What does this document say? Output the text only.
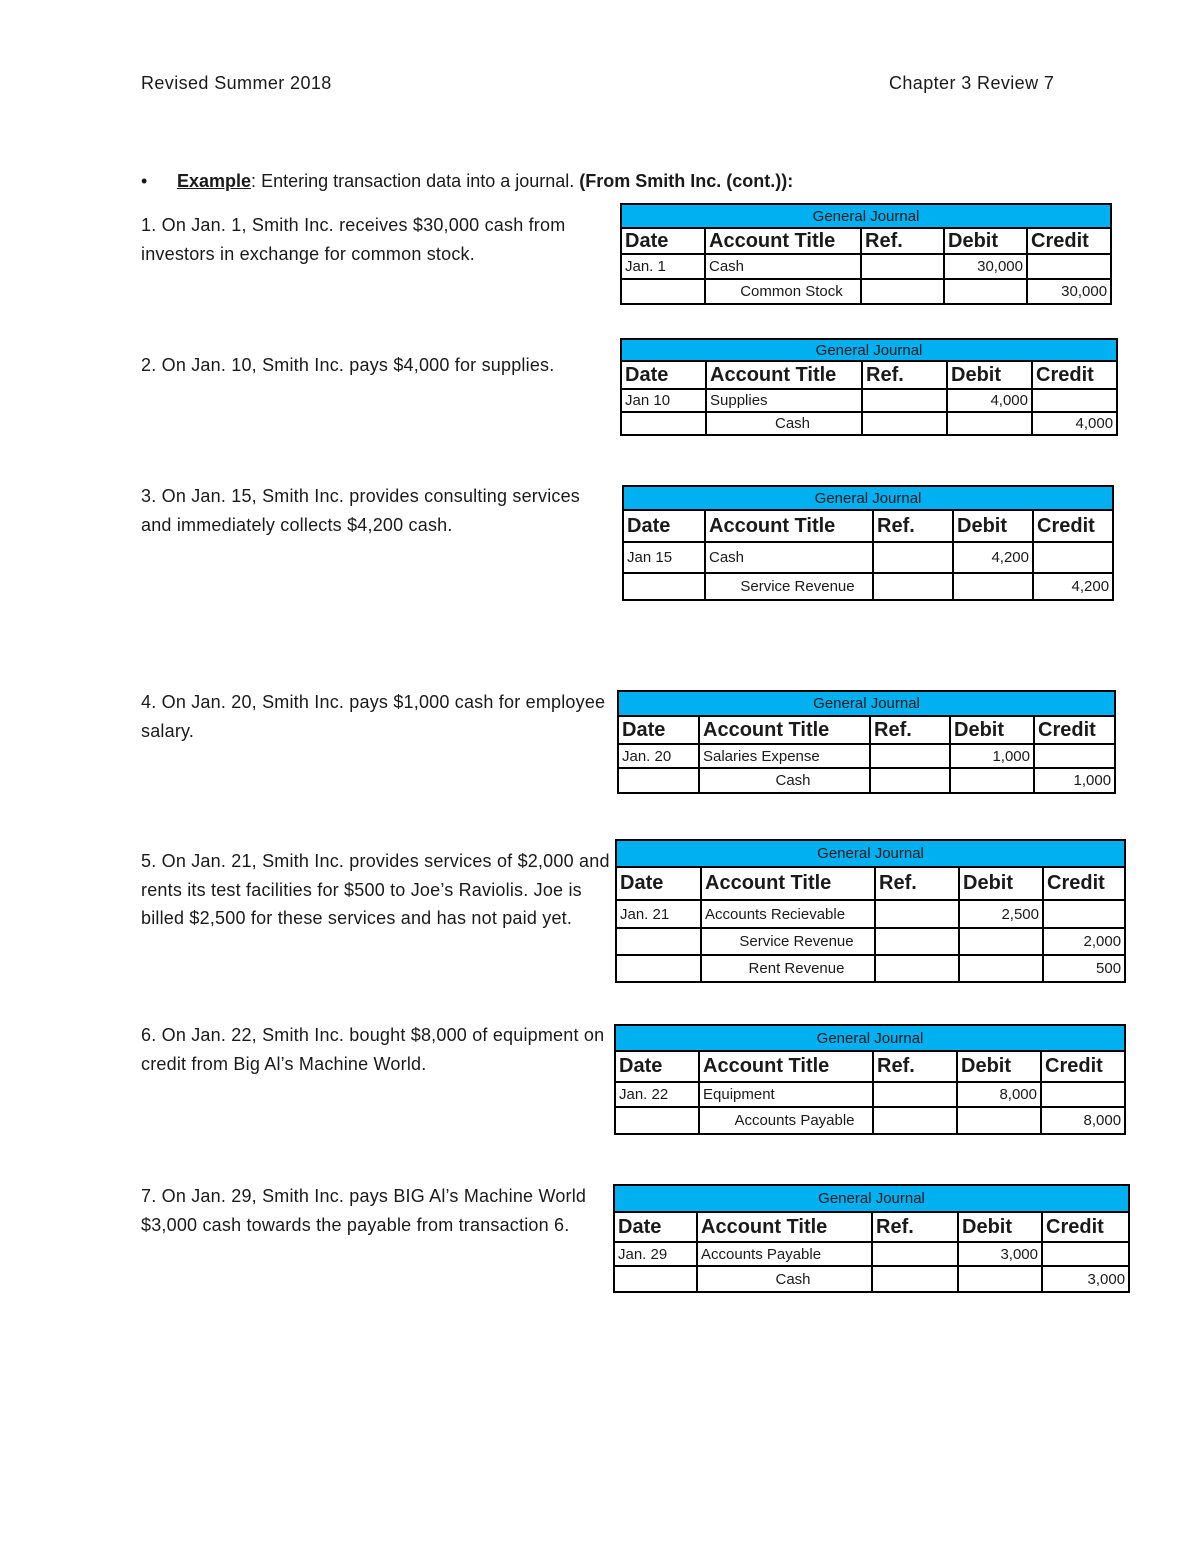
Revised Summer 2018	Chapter 3 Review 7
• Example: Entering transaction data into a journal. (From Smith Inc. (cont.)):
1. On Jan. 1, Smith Inc. receives $30,000 cash from investors in exchange for common stock.
General Journal				
Date	Account Title	Ref.	Debit	Credit
Jan. 1	Cash		30,000	
	Common Stock			30,000
2. On Jan. 10, Smith Inc. pays $4,000 for supplies.
General Journal				
Date	Account Title	Ref.	Debit	Credit
Jan 10	Supplies		4,000	
	Cash			4,000
3. On Jan. 15, Smith Inc. provides consulting services and immediately collects $4,200 cash.
General Journal				
Date	Account Title	Ref.	Debit	Credit
Jan 15	Cash		4,200	
	Service Revenue			4,200
4. On Jan. 20, Smith Inc. pays $1,000 cash for employee salary.
General Journal				
Date	Account Title	Ref.	Debit	Credit
Jan. 20	Salaries Expense		1,000	
	Cash			1,000
5. On Jan. 21, Smith Inc. provides services of $2,000 and rents its test facilities for $500 to Joe’s Raviolis. Joe is billed $2,500 for these services and has not paid yet.
General Journal				
Date	Account Title	Ref.	Debit	Credit
Jan. 21	Accounts Recievable		2,500	
	Service Revenue			2,000
	Rent Revenue			500
6. On Jan. 22, Smith Inc. bought $8,000 of equipment on credit from Big Al’s Machine World.
General Journal				
Date	Account Title	Ref.	Debit	Credit
Jan. 22	Equipment		8,000	
	Accounts Payable			8,000
7. On Jan. 29, Smith Inc. pays BIG Al’s Machine World $3,000 cash towards the payable from transaction 6.
General Journal				
Date	Account Title	Ref.	Debit	Credit
Jan. 29	Accounts Payable		3,000	
	Cash			3,000
